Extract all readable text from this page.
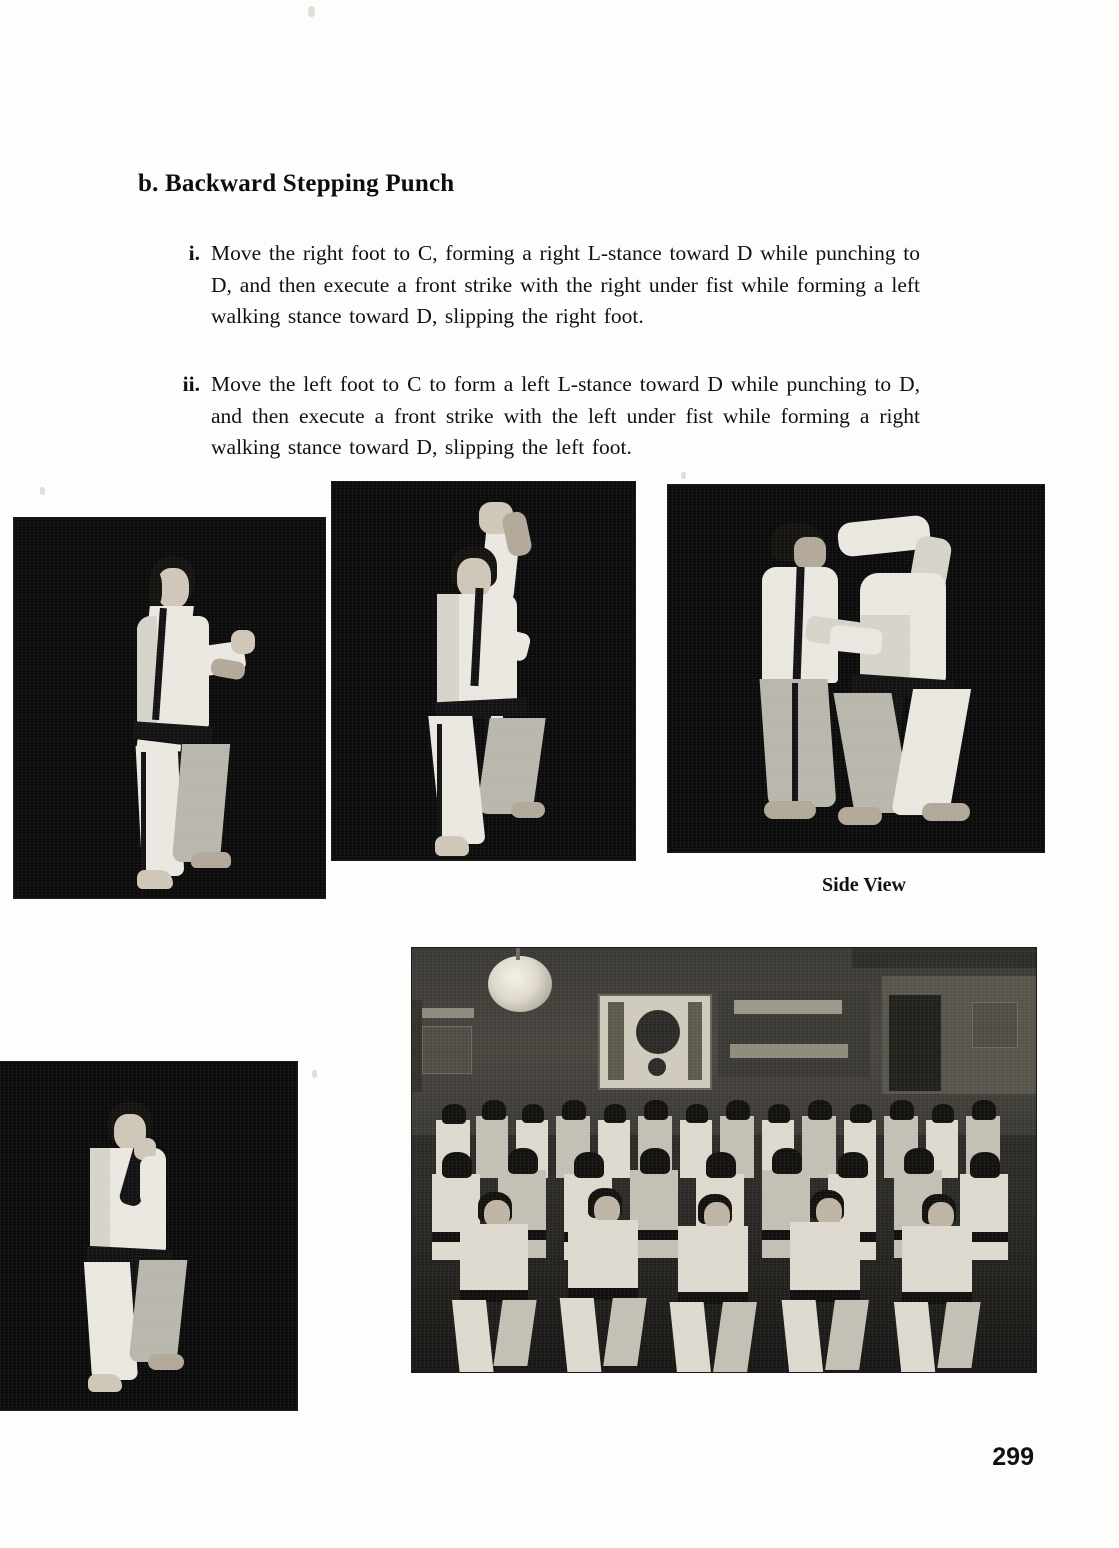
b. Backward Stepping Punch
i. Move the right foot to C, forming a right L-stance toward D while punching to D, and then execute a front strike with the right under fist while forming a left walking stance toward D, slipping the right foot.
ii. Move the left foot to C to form a left L-stance toward D while punching to D, and then execute a front strike with the left under fist while forming a right walking stance toward D, slipping the left foot.
Side View
299
